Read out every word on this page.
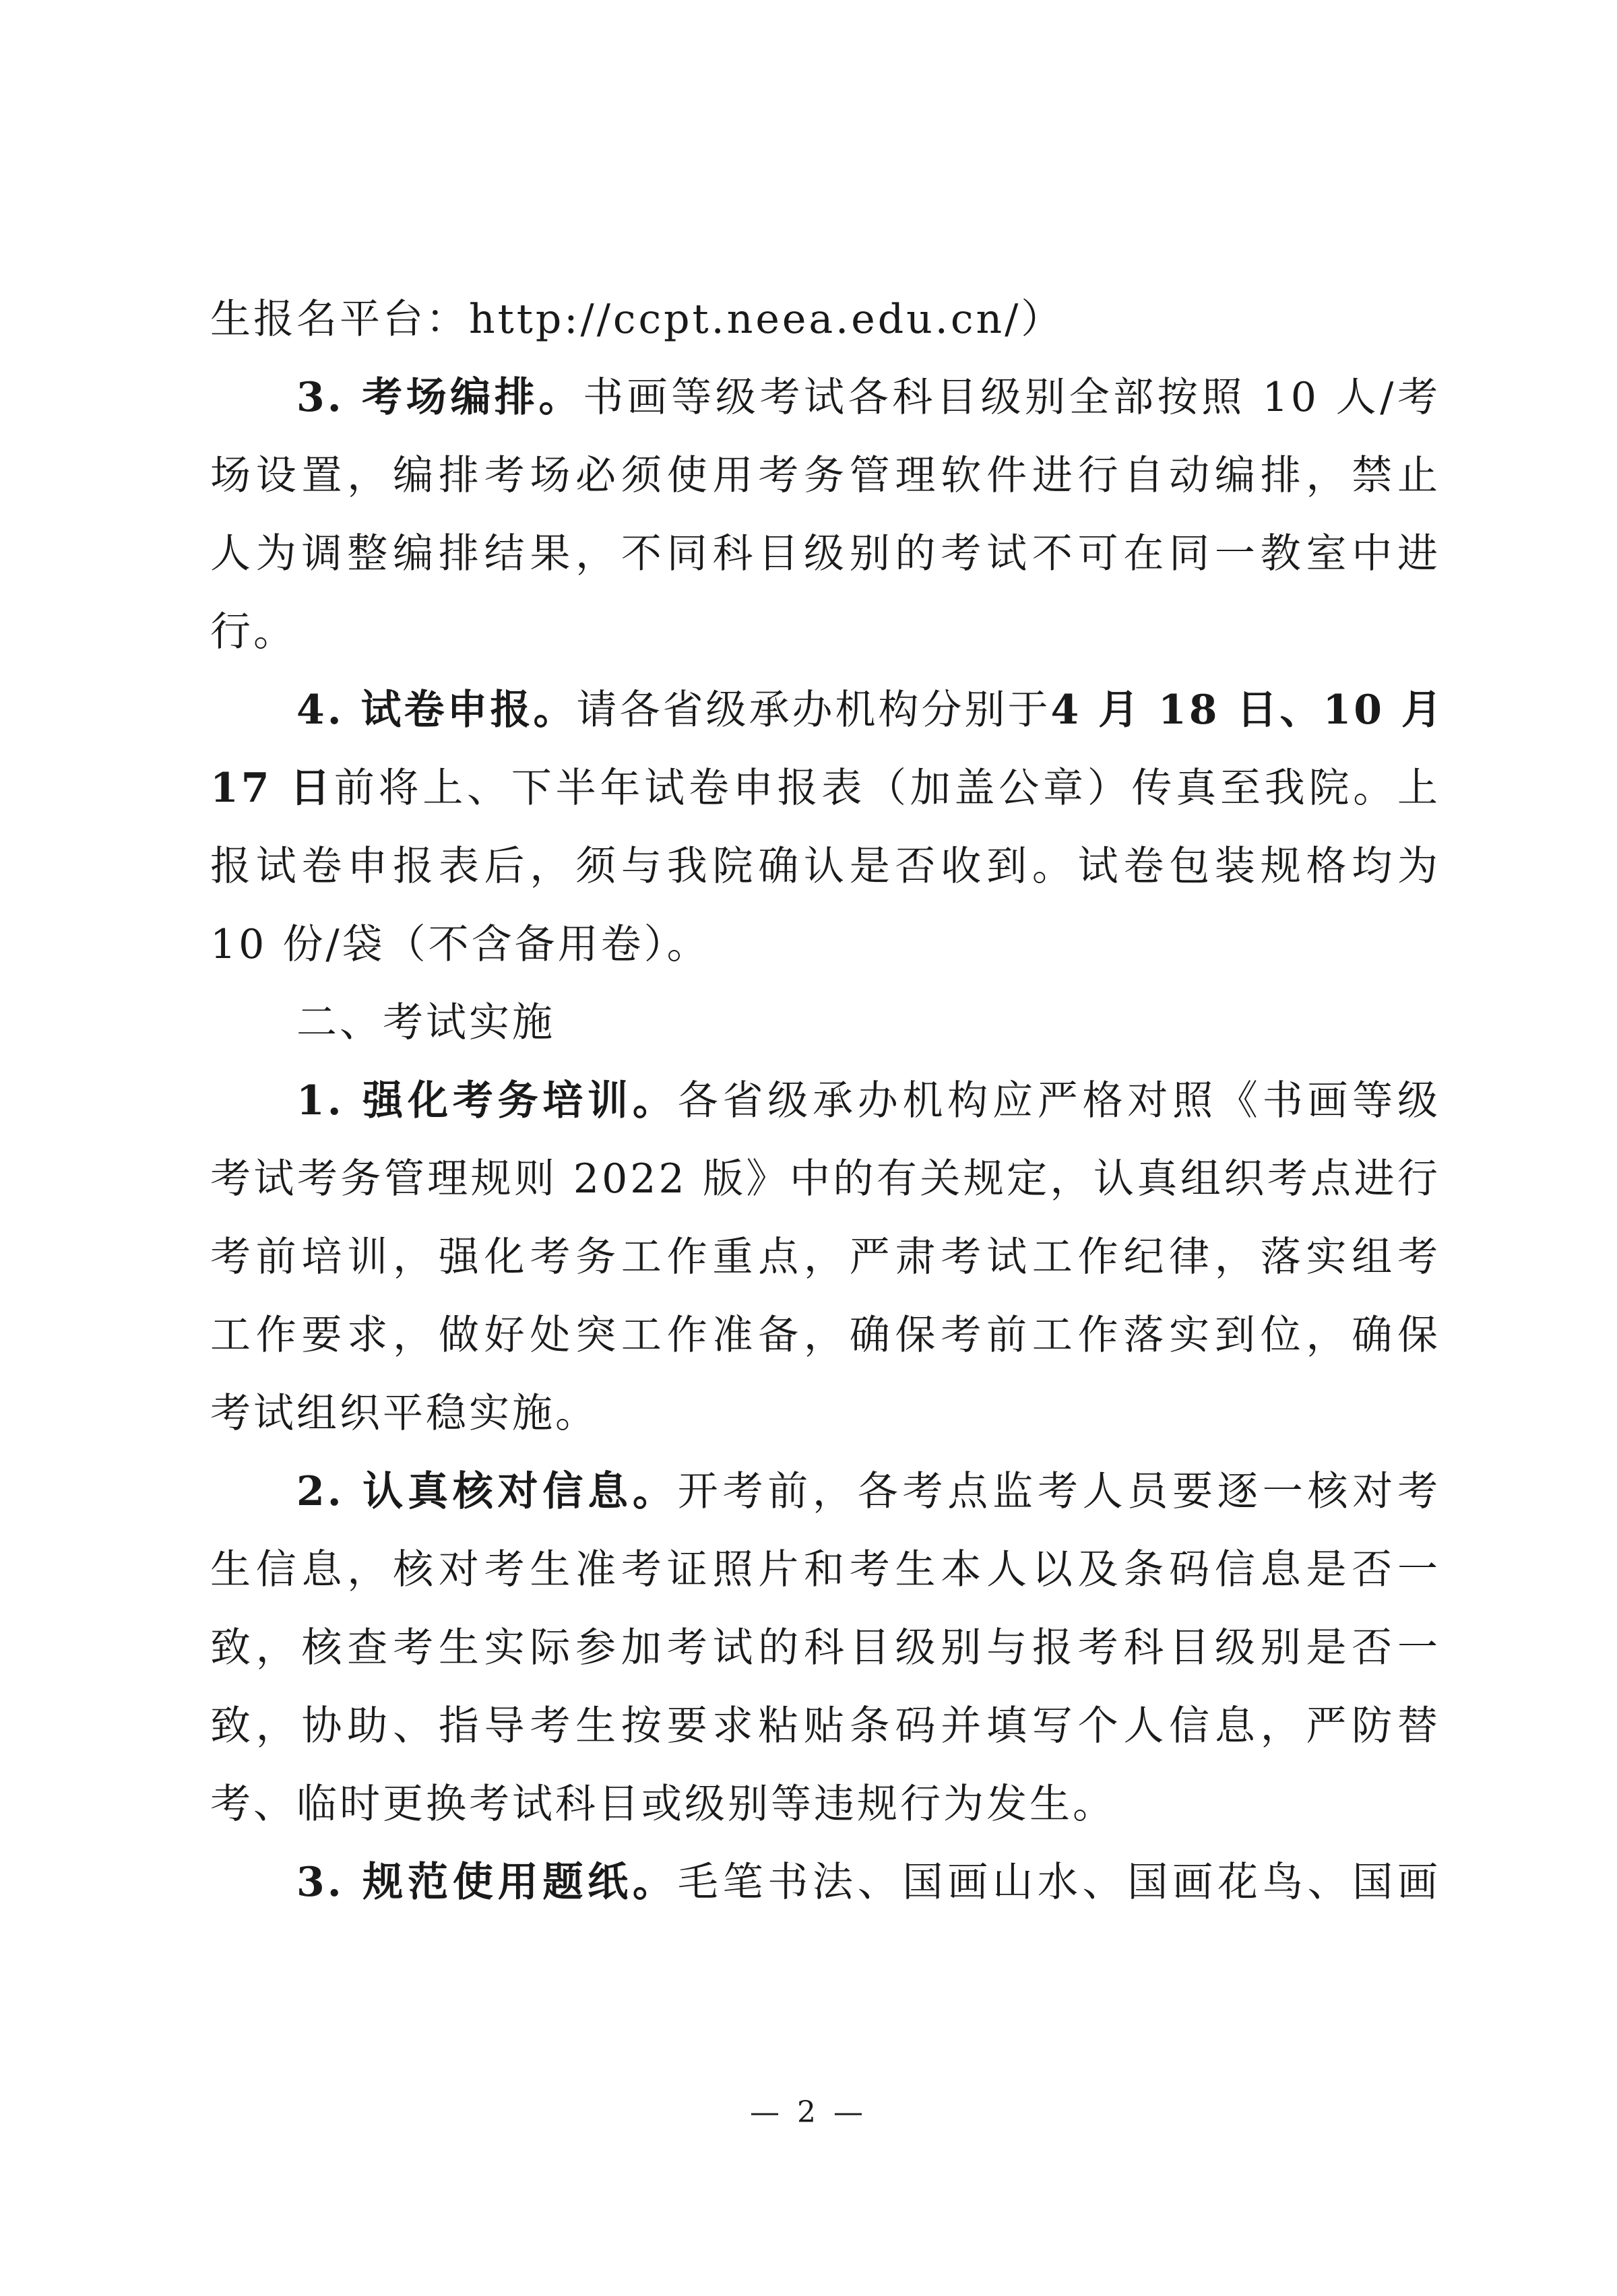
生报名平台：http://ccpt.neea.edu.cn/）
3. 考场编排。书画等级考试各科目级别全部按照 10 人/考
场设置，编排考场必须使用考务管理软件进行自动编排，禁止
人为调整编排结果，不同科目级别的考试不可在同一教室中进
行。
4. 试卷申报。请各省级承办机构分别于4 月 18 日、10 月
17 日前将上、下半年试卷申报表（加盖公章）传真至我院。上
报试卷申报表后，须与我院确认是否收到。试卷包装规格均为
10 份/袋（不含备用卷）。
二、考试实施
1. 强化考务培训。各省级承办机构应严格对照《书画等级
考试考务管理规则 2022 版》中的有关规定，认真组织考点进行
考前培训，强化考务工作重点，严肃考试工作纪律，落实组考
工作要求，做好处突工作准备，确保考前工作落实到位，确保
考试组织平稳实施。
2. 认真核对信息。开考前，各考点监考人员要逐一核对考
生信息，核对考生准考证照片和考生本人以及条码信息是否一
致，核查考生实际参加考试的科目级别与报考科目级别是否一
致，协助、指导考生按要求粘贴条码并填写个人信息，严防替
考、临时更换考试科目或级别等违规行为发生。
3. 规范使用题纸。毛笔书法、国画山水、国画花鸟、国画
— 2 —
